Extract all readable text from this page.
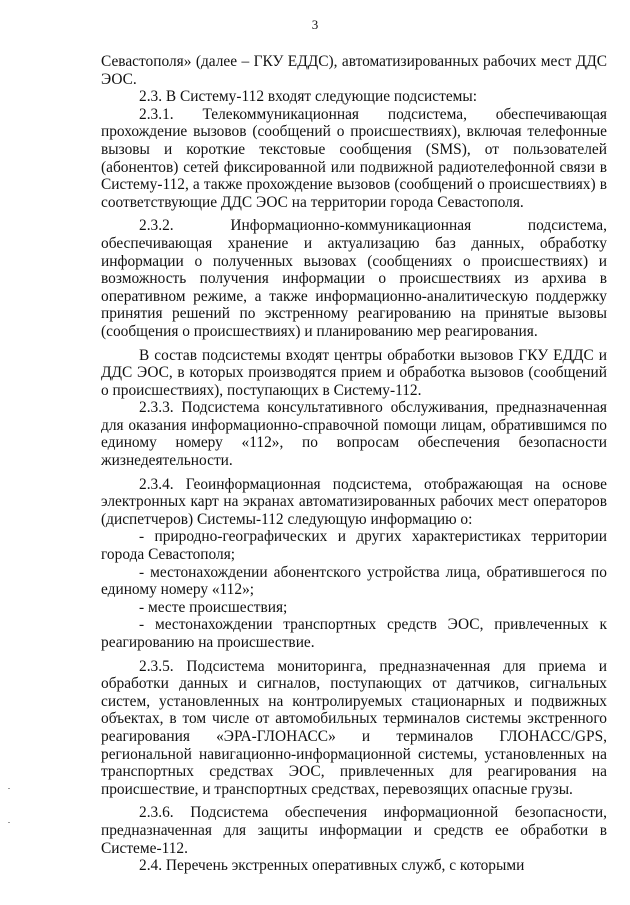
3

Севастополя» (далее – ГКУ ЕДДС), автоматизированных рабочих мест ДДС ЭОС.

2.3. В Систему-112 входят следующие подсистемы:

2.3.1. Телекоммуникационная подсистема, обеспечивающая прохождение вызовов (сообщений о происшествиях), включая телефонные вызовы и короткие текстовые сообщения (SMS), от пользователей (абонентов) сетей фиксированной или подвижной радиотелефонной связи в Систему-112, а также прохождение вызовов (сообщений о происшествиях) в соответствующие ДДС ЭОС на территории города Севастополя.

2.3.2. Информационно-коммуникационная подсистема, обеспечивающая хранение и актуализацию баз данных, обработку информации о полученных вызовах (сообщениях о происшествиях) и возможность получения информации о происшествиях из архива в оперативном режиме, а также информационно-аналитическую поддержку принятия решений по экстренному реагированию на принятые вызовы (сообщения о происшествиях) и планированию мер реагирования.

В состав подсистемы входят центры обработки вызовов ГКУ ЕДДС и ДДС ЭОС, в которых производятся прием и обработка вызовов (сообщений о происшествиях), поступающих в Систему-112.

2.3.3. Подсистема консультативного обслуживания, предназначенная для оказания информационно-справочной помощи лицам, обратившимся по единому номеру «112», по вопросам обеспечения безопасности жизнедеятельности.

2.3.4. Геоинформационная подсистема, отображающая на основе электронных карт на экранах автоматизированных рабочих мест операторов (диспетчеров) Системы-112 следующую информацию о:

- природно-географических и других характеристиках территории города Севастополя;

- местонахождении абонентского устройства лица, обратившегося по единому номеру «112»;

- месте происшествия;

- местонахождении транспортных средств ЭОС, привлеченных к реагированию на происшествие.

2.3.5. Подсистема мониторинга, предназначенная для приема и обработки данных и сигналов, поступающих от датчиков, сигнальных систем, установленных на контролируемых стационарных и подвижных объектах, в том числе от автомобильных терминалов системы экстренного реагирования «ЭРА-ГЛОНАСС» и терминалов ГЛОНАСС/GPS, региональной навигационно-информационной системы, установленных на транспортных средствах ЭОС, привлеченных для реагирования на происшествие, и транспортных средствах, перевозящих опасные грузы.

2.3.6. Подсистема обеспечения информационной безопасности, предназначенная для защиты информации и средств ее обработки в Системе-112.

2.4. Перечень экстренных оперативных служб, с которыми
